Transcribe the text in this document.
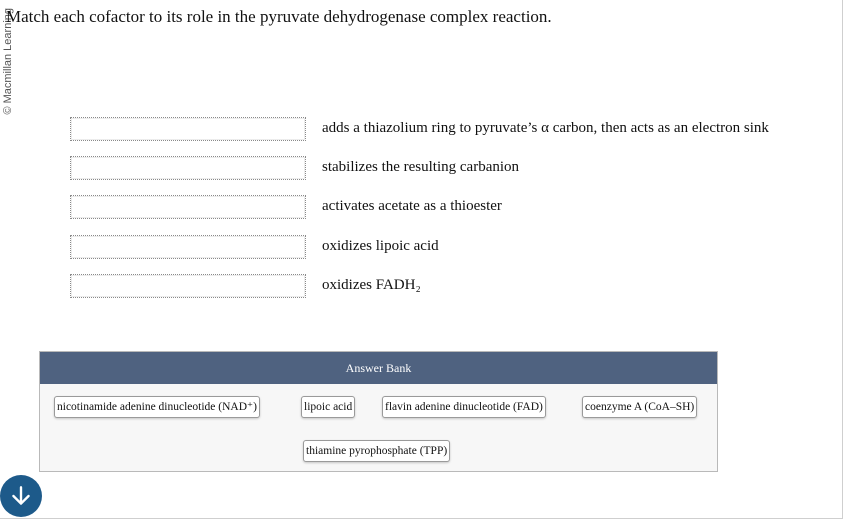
© Macmillan Learning
Match each cofactor to its role in the pyruvate dehydrogenase complex reaction.
adds a thiazolium ring to pyruvate’s α carbon, then acts as an electron sink
stabilizes the resulting carbanion
activates acetate as a thioester
oxidizes lipoic acid
oxidizes FADH₂
Answer Bank
nicotinamide adenine dinucleotide (NAD⁺)	lipoic acid	flavin adenine dinucleotide (FAD)	coenzyme A (CoA–SH)
thiamine pyrophosphate (TPP)
